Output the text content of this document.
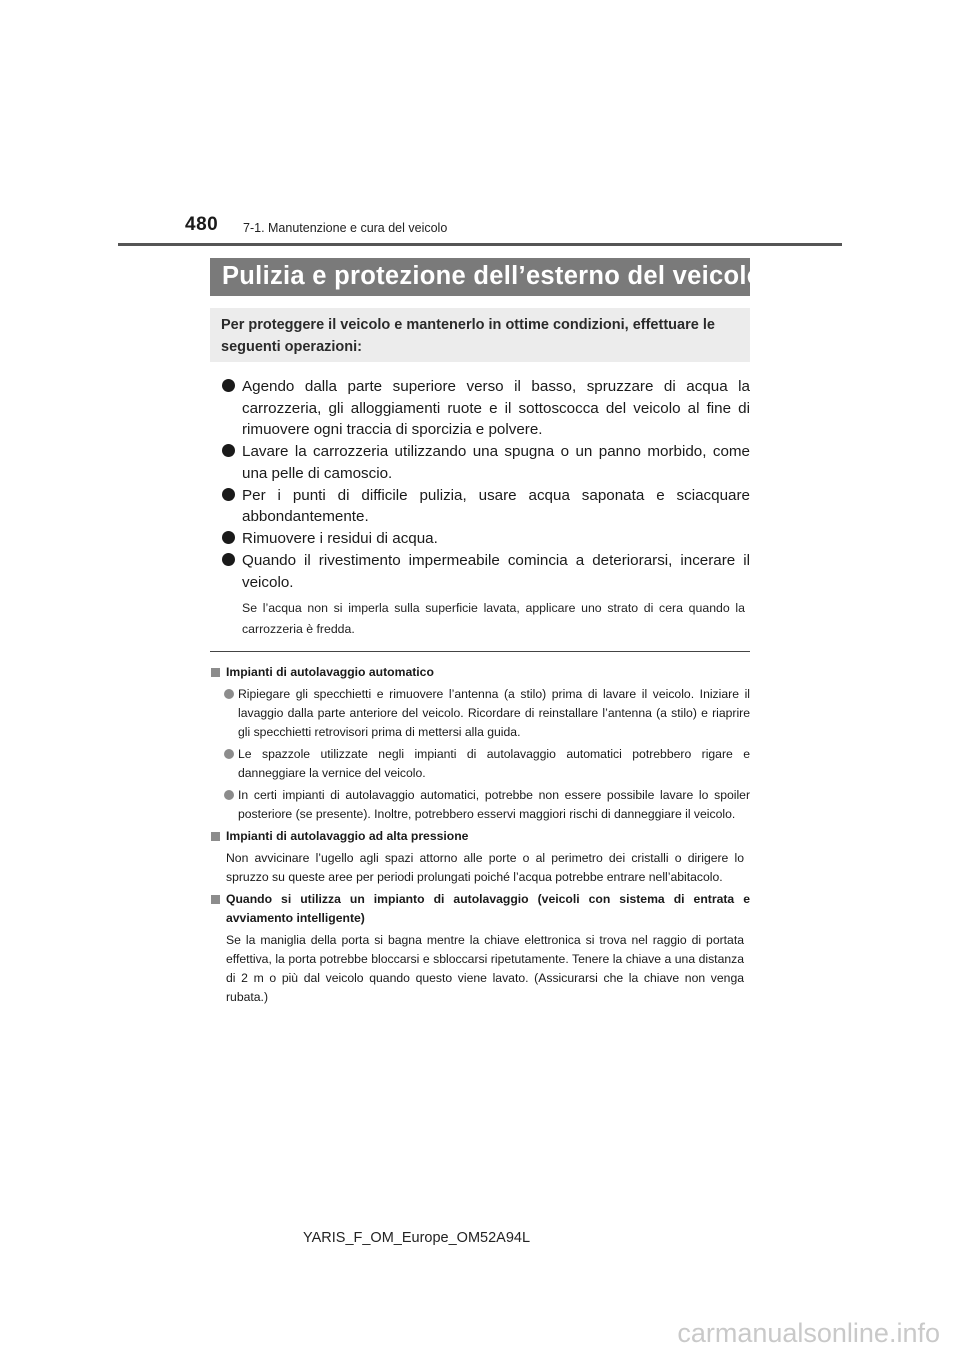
480 7-1. Manutenzione e cura del veicolo
Pulizia e protezione dell’esterno del veicolo
Per proteggere il veicolo e mantenerlo in ottime condizioni, effettuare le seguenti operazioni:
Agendo dalla parte superiore verso il basso, spruzzare di acqua la carrozzeria, gli alloggiamenti ruote e il sottoscocca del veicolo al fine di rimuovere ogni traccia di sporcizia e polvere.
Lavare la carrozzeria utilizzando una spugna o un panno morbido, come una pelle di camoscio.
Per i punti di difficile pulizia, usare acqua saponata e sciacquare abbondantemente.
Rimuovere i residui di acqua.
Quando il rivestimento impermeabile comincia a deteriorarsi, incerare il veicolo.
Se l’acqua non si imperla sulla superficie lavata, applicare uno strato di cera quando la carrozzeria è fredda.
Impianti di autolavaggio automatico
Ripiegare gli specchietti e rimuovere l’antenna (a stilo) prima di lavare il veicolo. Iniziare il lavaggio dalla parte anteriore del veicolo. Ricordare di reinstallare l’antenna (a stilo) e riaprire gli specchietti retrovisori prima di mettersi alla guida.
Le spazzole utilizzate negli impianti di autolavaggio automatici potrebbero rigare e danneggiare la vernice del veicolo.
In certi impianti di autolavaggio automatici, potrebbe non essere possibile lavare lo spoiler posteriore (se presente). Inoltre, potrebbero esservi maggiori rischi di danneggiare il veicolo.
Impianti di autolavaggio ad alta pressione
Non avvicinare l’ugello agli spazi attorno alle porte o al perimetro dei cristalli o dirigere lo spruzzo su queste aree per periodi prolungati poiché l’acqua potrebbe entrare nell’abitacolo.
Quando si utilizza un impianto di autolavaggio (veicoli con sistema di entrata e avviamento intelligente)
Se la maniglia della porta si bagna mentre la chiave elettronica si trova nel raggio di portata effettiva, la porta potrebbe bloccarsi e sbloccarsi ripetutamente. Tenere la chiave a una distanza di 2 m o più dal veicolo quando questo viene lavato. (Assicurarsi che la chiave non venga rubata.)
YARIS_F_OM_Europe_OM52A94L
carmanualsonline.info
